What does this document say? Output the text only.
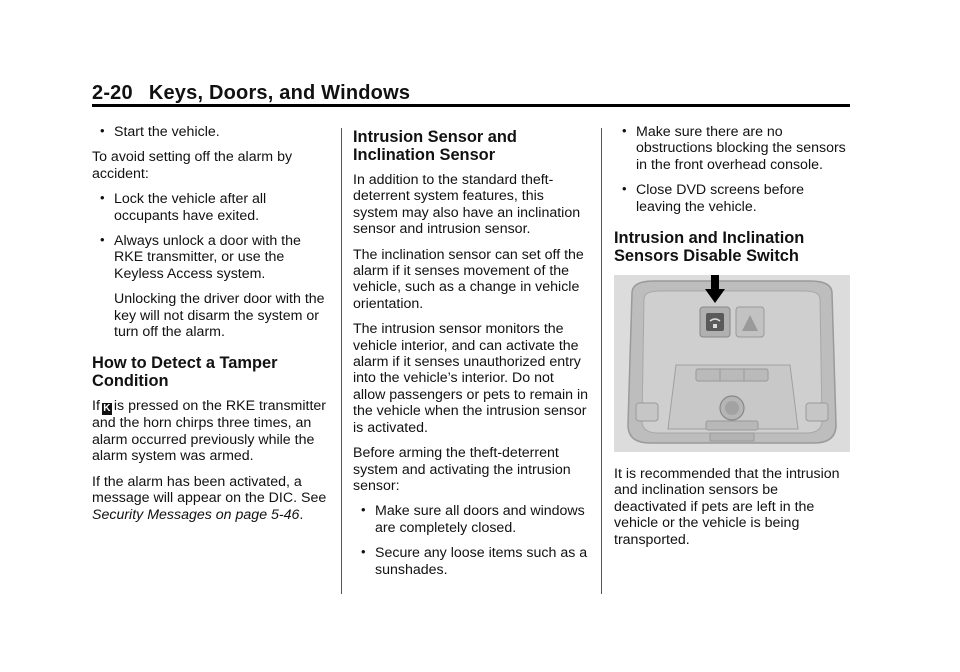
2-20 Keys, Doors, and Windows
• Start the vehicle.

To avoid setting off the alarm by accident:

• Lock the vehicle after all occupants have exited.
• Always unlock a door with the RKE transmitter, or use the Keyless Access system.

Unlocking the driver door with the key will not disarm the system or turn off the alarm.

How to Detect a Tamper Condition

If K is pressed on the RKE transmitter and the horn chirps three times, an alarm occurred previously while the alarm system was armed.

If the alarm has been activated, a message will appear on the DIC. See Security Messages on page 5-46.

Intrusion Sensor and Inclination Sensor

In addition to the standard theft-deterrent system features, this system may also have an inclination sensor and intrusion sensor.

The inclination sensor can set off the alarm if it senses movement of the vehicle, such as a change in vehicle orientation.

The intrusion sensor monitors the vehicle interior, and can activate the alarm if it senses unauthorized entry into the vehicle’s interior. Do not allow passengers or pets to remain in the vehicle when the intrusion sensor is activated.

Before arming the theft-deterrent system and activating the intrusion sensor:

• Make sure all doors and windows are completely closed.
• Secure any loose items such as a sunshades.
• Make sure there are no obstructions blocking the sensors in the front overhead console.
• Close DVD screens before leaving the vehicle.
Intrusion and Inclination Sensors Disable Switch

It is recommended that the intrusion and inclination sensors be deactivated if pets are left in the vehicle or the vehicle is being transported.
